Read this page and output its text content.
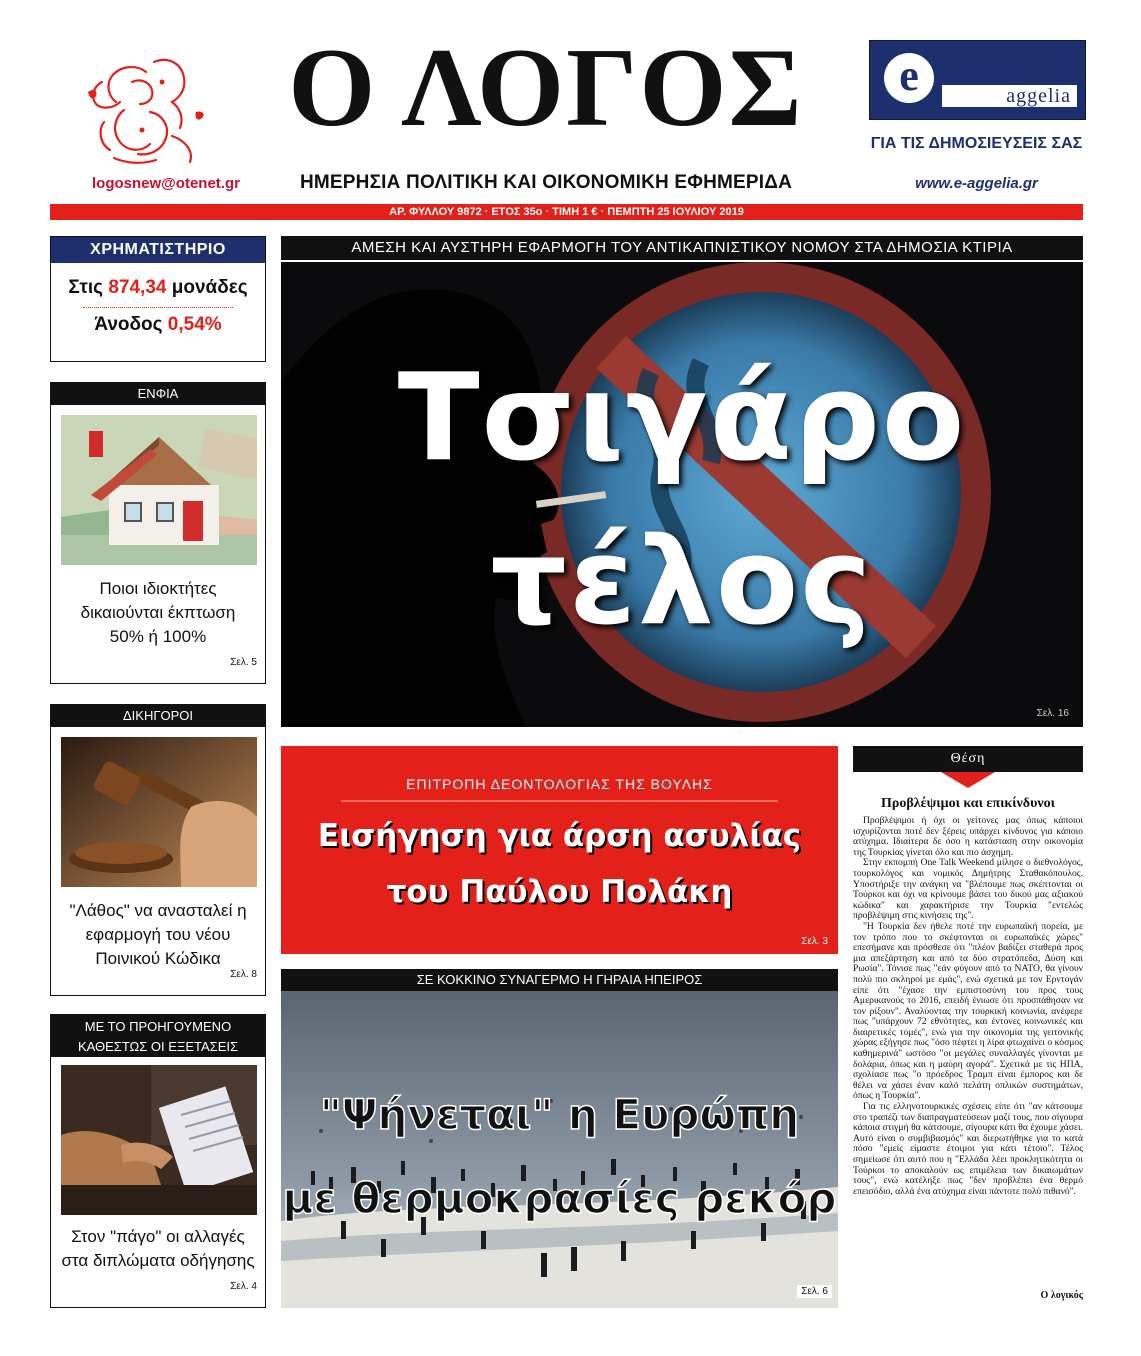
logosnew@otenet.gr
Ο ΛΟΓΟΣ
ΗΜΕΡΗΣΙΑ ΠΟΛΙΤΙΚΗ ΚΑΙ ΟΙΚΟΝΟΜΙΚΗ ΕΦΗΜΕΡΙΔΑ
e	aggelia
ΓΙΑ ΤΙΣ ΔΗΜΟΣΙΕΥΣΕΙΣ ΣΑΣ
www.e-aggelia.gr
ΑΡ. ΦΥΛΛΟΥ 9872 · ΕΤΟΣ 35ο · ΤΙΜΗ 1 € · ΠΕΜΠΤΗ 25 ΙΟΥΛΙΟΥ 2019
ΧΡΗΜΑΤΙΣΤΗΡΙΟ
Στις 874,34 μονάδες
Άνοδος 0,54%
ΕΝΦΙΑ
Ποιοι ιδιοκτήτες δικαιούνται έκπτωση 50% ή 100%
Σελ. 5
ΔΙΚΗΓΟΡΟΙ
"Λάθος" να ανασταλεί η εφαρμογή του νέου Ποινικού Κώδικα
Σελ. 8
ΜΕ ΤΟ ΠΡΟΗΓΟΥΜΕΝΟ
ΚΑΘΕΣΤΩΣ ΟΙ ΕΞΕΤΑΣΕΙΣ
Στον "πάγο" οι αλλαγές στα διπλώματα οδήγησης
Σελ. 4
ΑΜΕΣΗ ΚΑΙ ΑΥΣΤΗΡΗ ΕΦΑΡΜΟΓΗ ΤΟΥ ΑΝΤΙΚΑΠΝΙΣΤΙΚΟΥ ΝΟΜΟΥ ΣΤΑ ΔΗΜΟΣΙΑ ΚΤΙΡΙΑ
Τσιγάρο
τέλος
Σελ. 16
ΕΠΙΤΡΟΠΗ ΔΕΟΝΤΟΛΟΓΙΑΣ ΤΗΣ ΒΟΥΛΗΣ
Εισήγηση για άρση ασυλίας
του Παύλου Πολάκη
Σελ. 3
ΣΕ ΚΟΚΚΙΝΟ ΣΥΝΑΓΕΡΜΟ Η ΓΗΡΑΙΑ ΗΠΕΙΡΟΣ
"Ψήνεται" η Ευρώπη
με θερμοκρασίες ρεκόρ
Σελ. 6
Θέση
Προβλέψιμοι και επικίνδυνοι

Προβλέψιμοι ή όχι οι γείτονες μας όπως κάποιοι ισχυρίζονται ποτέ δεν ξέρεις υπάρχει κίνδυνος για κάποιο ατύχημα. Ιδιαίτερα δε όσο η κατάσταση στην οικονομία της Τουρκίας γίνεται όλο και πιο άσχημη.

Στην εκπομπή One Talk Weekend μίλησε ο διεθνολόγος, τουρκολόγος και νομικός Δημήτρης Σταθακόπουλος. Υποστήριξε την ανάγκη να "βλέπουμε πως σκέπτονται οι Τούρκοι και όχι να κρίνουμε βάσει του δικού μας αξιακού κώδικα" και χαρακτήρισε την Τουρκία "εντελώς προβλέψιμη στις κινήσεις της".

"Η Τουρκία δεν ήθελε ποτέ την ευρωπαϊκή πορεία, με τον τρόπο που το σκέφτονται οι ευρωπαϊκές χώρες" επεσήμανε και πρόσθεσε ότι "πλέον βαδίζει σταθερά προς μια απεξάρτηση και από τα δύο στρατόπεδα, Δύση και Ρωσία". Τόνισε πως "εάν φύγουν από το ΝΑΤΟ, θα γίνουν πολύ πιο σκληροί με εμάς", ενώ σχετικά με τον Ερντογάν είπε ότι "έχασε την εμπιστοσύνη του προς τους Αμερικανούς το 2016, επειδή ένιωσε ότι προσπάθησαν να τον ρίξουν". Αναλύοντας την τουρκική κοινωνία, ανέφερε πως "υπάρχουν 72 εθνότητες, και έντονες κοινωνικές και διαιρετικές τομές", ενώ για την οικονομία της γειτονικής χώρας εξήγησε πως "όσο πέφτει η λίρα φτωχαίνει ο κόσμος καθημερινά" ωστόσο "οι μεγάλες συναλλαγές γίνονται με δολάρια, όπως και η μαύρη αγορά". Σχετικά με τις ΗΠΑ, σχολίασε πως "ο πρόεδρος Τραμπ είναι έμπορος και δε θέλει να χάσει έναν καλό πελάτη οπλικών συστημάτων, όπως η Τουρκία".

Για τις ελληνοτουρκικές σχέσεις είπε ότι "αν κάτσουμε στο τραπέζι των διαπραγματεύσεων μαζί τους, που σίγουρα κάποια στιγμή θα κάτσουμε, σίγουρα κάτι θα έχουμε χάσει. Αυτό είναι ο συμβιβασμός" και διερωτήθηκε για το κατά πόσο "εμείς είμαστε έτοιμοι για κάτι τέτοιο". Τέλος σημείωσε ότι αυτό που η "Ελλάδα λέει προκλητικότητα οι Τούρκοι το αποκαλούν ως επιμέλεια των δικαιωμάτων τους", ενώ κατέληξε πως "δεν προβλέπει ένα θερμό επεισόδιο, αλλά ένα ατύχημα είναι πάντοτε πολύ πιθανό".

Ο λογικός
